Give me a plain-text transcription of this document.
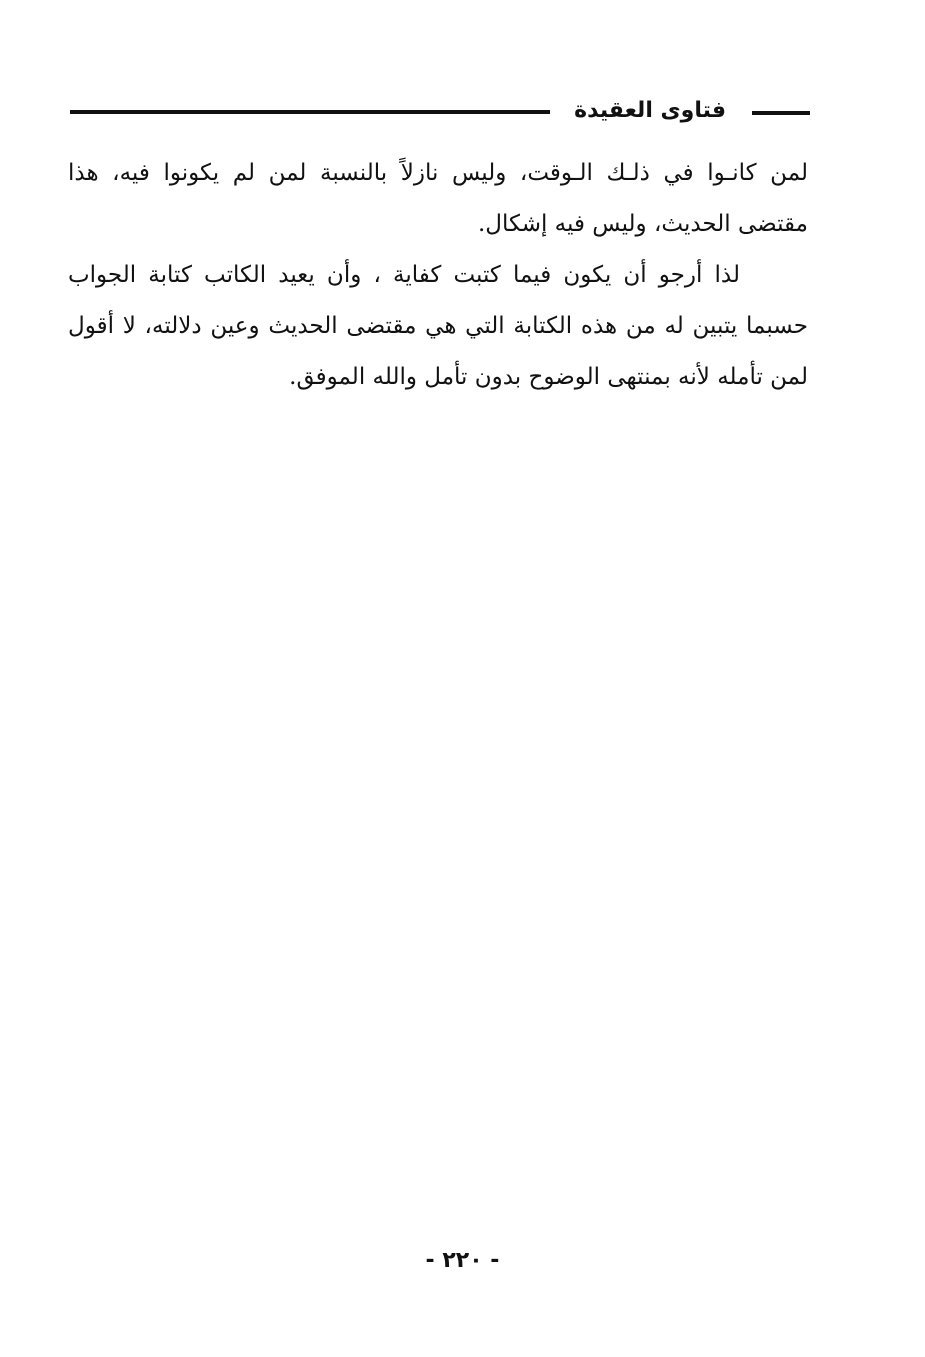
فتاوى العقيدة

لمن كانـوا في ذلـك الـوقت، وليس نازلاً بالنسبة لمن لم يكونوا فيه، هذا مقتضى الحديث، وليس فيه إشكال.

لذا أرجو أن يكون فيما كتبت كفاية ، وأن يعيد الكاتب كتابة الجواب حسبما يتبين له من هذه الكتابة التي هي مقتضى الحديث وعين دلالته، لا أقول لمن تأمله لأنه بمنتهى الوضوح بدون تأمل والله الموفق.

- ٢٢٠ -
